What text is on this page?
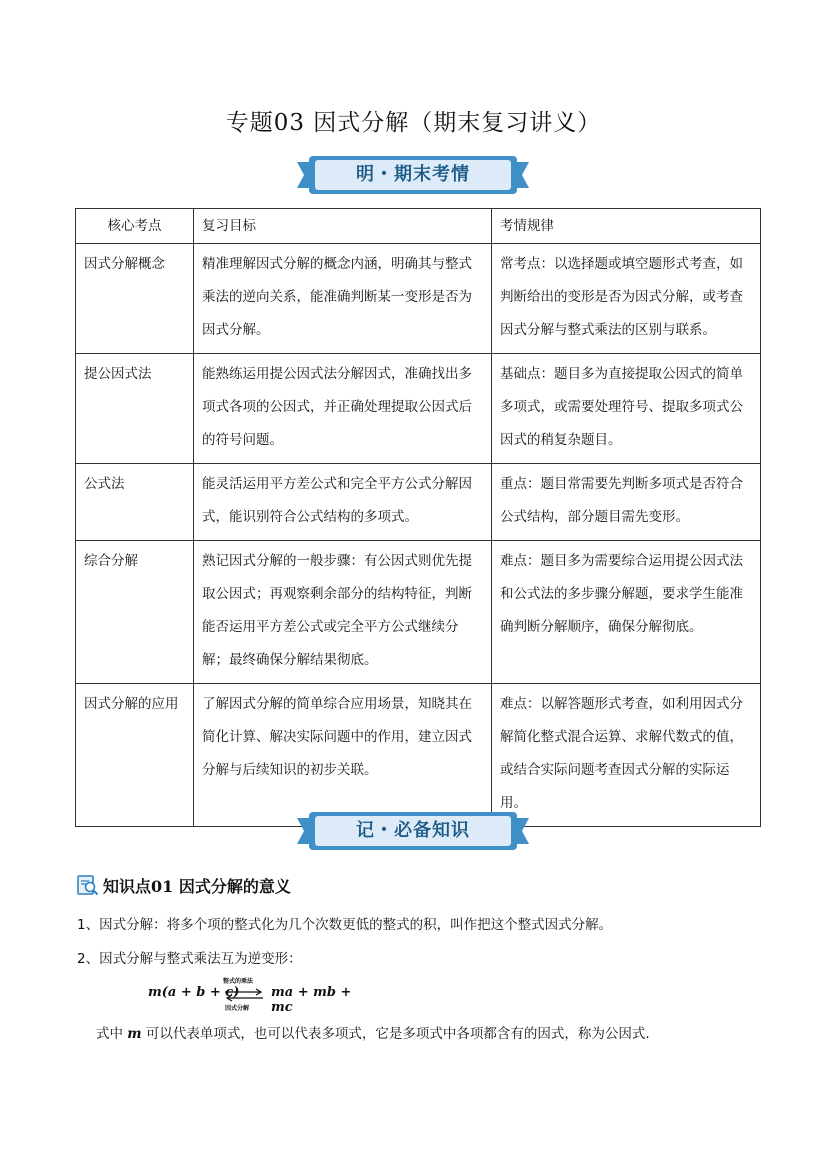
专题03 因式分解（期末复习讲义）
明・期末考情
核心考点	复习目标	考情规律
因式分解概念	精准理解因式分解的概念内涵，明确其与整式乘法的逆向关系，能准确判断某一变形是否为因式分解。	常考点：以选择题或填空题形式考查，如判断给出的变形是否为因式分解，或考查因式分解与整式乘法的区别与联系。
提公因式法	能熟练运用提公因式法分解因式，准确找出多项式各项的公因式，并正确处理提取公因式后的符号问题。	基础点：题目多为直接提取公因式的简单多项式，或需要处理符号、提取多项式公因式的稍复杂题目。
公式法	能灵活运用平方差公式和完全平方公式分解因式，能识别符合公式结构的多项式。	重点：题目常需要先判断多项式是否符合公式结构，部分题目需先变形。
综合分解	熟记因式分解的一般步骤：有公因式则优先提取公因式；再观察剩余部分的结构特征，判断能否运用平方差公式或完全平方公式继续分解；最终确保分解结果彻底。	难点：题目多为需要综合运用提公因式法和公式法的多步骤分解题，要求学生能准确判断分解顺序，确保分解彻底。
因式分解的应用	了解因式分解的简单综合应用场景，知晓其在简化计算、解决实际问题中的作用，建立因式分解与后续知识的初步关联。	难点：以解答题形式考查，如利用因式分解简化整式混合运算、求解代数式的值，或结合实际问题考查因式分解的实际运用。
记・必备知识
知识点01 因式分解的意义
1、因式分解：将多个项的整式化为几个次数更低的整式的积，叫作把这个整式因式分解。
2、因式分解与整式乘法互为逆变形：
m(a + b + c)
整式的乘法
因式分解
ma + mb + mc
式中 m 可以代表单项式，也可以代表多项式，它是多项式中各项都含有的因式，称为公因式.
